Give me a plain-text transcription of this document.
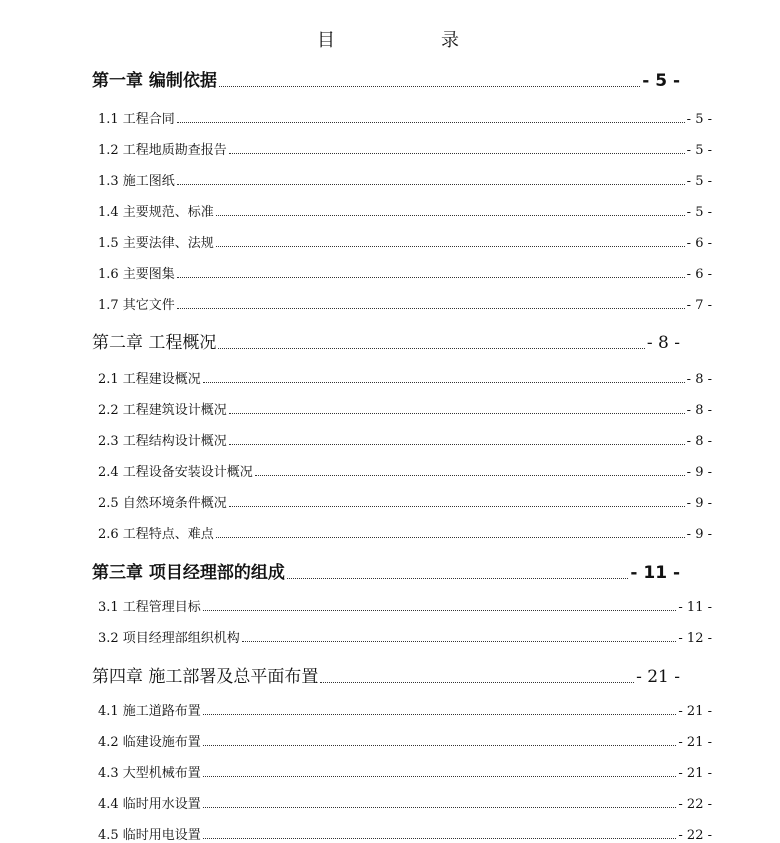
目　录
第一章 编制依据	- 5 -
1.1 工程合同	- 5 -
1.2 工程地质勘查报告	- 5 -
1.3 施工图纸	- 5 -
1.4 主要规范、标准	- 5 -
1.5 主要法律、法规	- 6 -
1.6 主要图集	- 6 -
1.7 其它文件	- 7 -
第二章 工程概况	- 8 -
2.1 工程建设概况	- 8 -
2.2 工程建筑设计概况	- 8 -
2.3 工程结构设计概况	- 8 -
2.4 工程设备安装设计概况	- 9 -
2.5 自然环境条件概况	- 9 -
2.6 工程特点、难点	- 9 -
第三章 项目经理部的组成	- 11 -
3.1 工程管理目标	- 11 -
3.2 项目经理部组织机构	- 12 -
第四章 施工部署及总平面布置	- 21 -
4.1 施工道路布置	- 21 -
4.2 临建设施布置	- 21 -
4.3 大型机械布置	- 21 -
4.4 临时用水设置	- 22 -
4.5 临时用电设置	- 22 -
